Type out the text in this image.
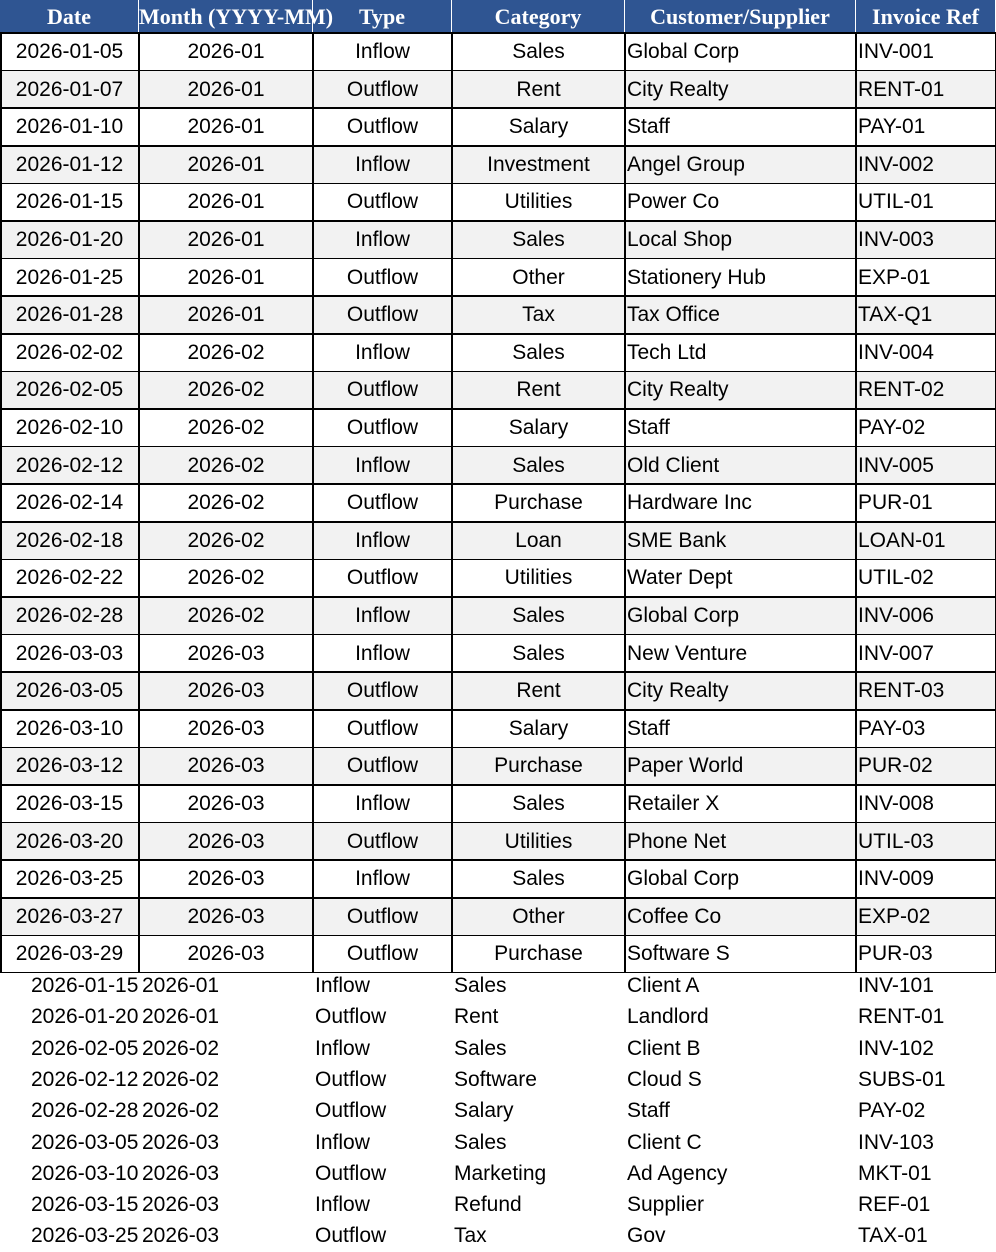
Date	Month (YYYY-MM)	Type	Category	Customer/Supplier	Invoice Ref
2026-01-05	2026-01	Inflow	Sales	Global Corp	INV-001
2026-01-07	2026-01	Outflow	Rent	City Realty	RENT-01
2026-01-10	2026-01	Outflow	Salary	Staff	PAY-01
2026-01-12	2026-01	Inflow	Investment	Angel Group	INV-002
2026-01-15	2026-01	Outflow	Utilities	Power Co	UTIL-01
2026-01-20	2026-01	Inflow	Sales	Local Shop	INV-003
2026-01-25	2026-01	Outflow	Other	Stationery Hub	EXP-01
2026-01-28	2026-01	Outflow	Tax	Tax Office	TAX-Q1
2026-02-02	2026-02	Inflow	Sales	Tech Ltd	INV-004
2026-02-05	2026-02	Outflow	Rent	City Realty	RENT-02
2026-02-10	2026-02	Outflow	Salary	Staff	PAY-02
2026-02-12	2026-02	Inflow	Sales	Old Client	INV-005
2026-02-14	2026-02	Outflow	Purchase	Hardware Inc	PUR-01
2026-02-18	2026-02	Inflow	Loan	SME Bank	LOAN-01
2026-02-22	2026-02	Outflow	Utilities	Water Dept	UTIL-02
2026-02-28	2026-02	Inflow	Sales	Global Corp	INV-006
2026-03-03	2026-03	Inflow	Sales	New Venture	INV-007
2026-03-05	2026-03	Outflow	Rent	City Realty	RENT-03
2026-03-10	2026-03	Outflow	Salary	Staff	PAY-03
2026-03-12	2026-03	Outflow	Purchase	Paper World	PUR-02
2026-03-15	2026-03	Inflow	Sales	Retailer X	INV-008
2026-03-20	2026-03	Outflow	Utilities	Phone Net	UTIL-03
2026-03-25	2026-03	Inflow	Sales	Global Corp	INV-009
2026-03-27	2026-03	Outflow	Other	Coffee Co	EXP-02
2026-03-29	2026-03	Outflow	Purchase	Software S	PUR-03
2026-01-15 2026-01	Inflow	Sales	Client A	INV-101
2026-01-20 2026-01	Outflow	Rent	Landlord	RENT-01
2026-02-05 2026-02	Inflow	Sales	Client B	INV-102
2026-02-12 2026-02	Outflow	Software	Cloud S	SUBS-01
2026-02-28 2026-02	Outflow	Salary	Staff	PAY-02
2026-03-05 2026-03	Inflow	Sales	Client C	INV-103
2026-03-10 2026-03	Outflow	Marketing	Ad Agency	MKT-01
2026-03-15 2026-03	Inflow	Refund	Supplier	REF-01
2026-03-25 2026-03	Outflow	Tax	Gov	TAX-01
